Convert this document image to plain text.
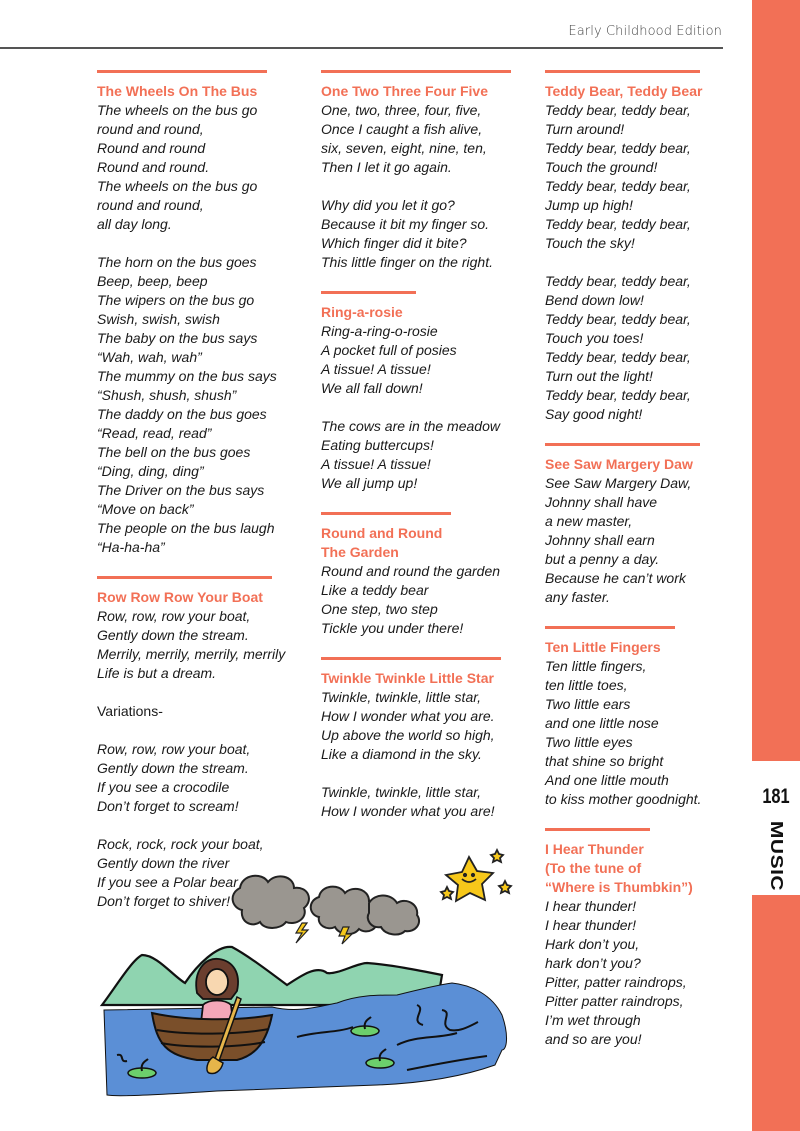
Early Childhood Edition
181
MUSIC
The Wheels On The Bus
The wheels on the bus go
round and round,
Round and round
Round and round.
The wheels on the bus go
round and round,
all day long.
The horn on the bus goes
Beep, beep, beep
The wipers on the bus go
Swish, swish, swish
The baby on the bus says
“Wah, wah, wah”
The mummy on the bus says
“Shush, shush, shush”
The daddy on the bus goes
“Read, read, read”
The bell on the bus goes
“Ding, ding, ding”
The Driver on the bus says
“Move on back”
The people on the bus laugh
“Ha-ha-ha”
Row Row Row Your Boat
Row, row, row your boat,
Gently down the stream.
Merrily, merrily, merrily, merrily
Life is but a dream.
Variations-
Row, row, row your boat,
Gently down the stream.
If you see a crocodile
Don’t forget to scream!
Rock, rock, rock your boat,
Gently down the river
If you see a Polar bear
Don’t forget to shiver!
One Two Three Four Five
One, two, three, four, five,
Once I caught a fish alive,
six, seven, eight, nine, ten,
Then I let it go again.
Why did you let it go?
Because it bit my finger so.
Which finger did it bite?
This little finger on the right.
Ring-a-rosie
Ring-a-ring-o-rosie
A pocket full of posies
A tissue! A tissue!
We all fall down!
The cows are in the meadow
Eating buttercups!
A tissue! A tissue!
We all jump up!
Round and Round
The Garden
Round and round the garden
Like a teddy bear
One step, two step
Tickle you under there!
Twinkle Twinkle Little Star
Twinkle, twinkle, little star,
How I wonder what you are.
Up above the world so high,
Like a diamond in the sky.
Twinkle, twinkle, little star,
How I wonder what you are!
Teddy Bear, Teddy Bear
Teddy bear, teddy bear,
Turn around!
Teddy bear, teddy bear,
Touch the ground!
Teddy bear, teddy bear,
Jump up high!
Teddy bear, teddy bear,
Touch the sky!
Teddy bear, teddy bear,
Bend down low!
Teddy bear, teddy bear,
Touch you toes!
Teddy bear, teddy bear,
Turn out the light!
Teddy bear, teddy bear,
Say good night!
See Saw Margery Daw
See Saw Margery Daw,
Johnny shall have
a new master,
Johnny shall earn
but a penny a day.
Because he can’t work
any faster.
Ten Little Fingers
Ten little fingers,
ten little toes,
Two little ears
and one little nose
Two little eyes
that shine so bright
And one little mouth
to kiss mother goodnight.
I Hear Thunder
(To the tune of
“Where is Thumbkin”)
I hear thunder!
I hear thunder!
Hark don’t you,
hark don’t you?
Pitter, patter raindrops,
Pitter patter raindrops,
I’m wet through
and so are you!
